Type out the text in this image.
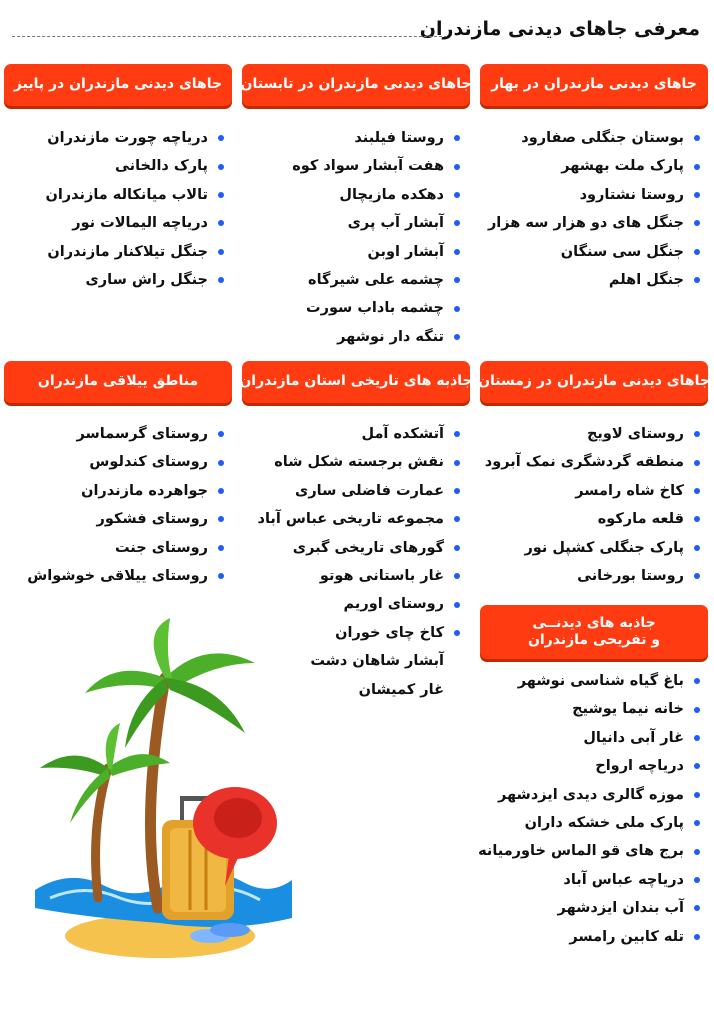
معرفی جاهای دیدنی مازندران
جاهای دیدنی مازندران در بهار
جاهای دیدنی مازندران در تابستان
جاهای دیدنی مازندران در پاییز
بوستان جنگلی صفارود
پارک ملت بهشهر
روستا نشتارود
جنگل های دو هزار سه هزار
جنگل سی سنگان
جنگل اهلم
روستا فیلبند
هفت آبشار سواد کوه
دهکده مازیچال
آبشار آب پری
آبشار اوبن
چشمه علی شیرگاه
چشمه باداب سورت
تنگه دار نوشهر
دریاچه چورت مازندران
پارک دالخانی
تالاب میانکاله مازندران
دریاچه الیمالات نور
جنگل تیلاکنار مازندران
جنگل راش ساری
جاهای دیدنی مازندران در زمستان
جاذبه های تاریخی استان مازندران
مناطق ییلاقی مازندران
روستای لاویج
منطقه گردشگری نمک آبرود
کاخ شاه رامسر
قلعه مارکوه
پارک جنگلی کشپل نور
روستا بورخانی
آتشکده آمل
نقش برجسته شکل شاه
عمارت فاضلی ساری
مجموعه تاریخی عباس آباد
گورهای تاریخی گبری
غار باستانی هوتو
روستای اوریم
کاخ چای خوران
آبشار شاهان دشت
غار کمیشان
روستای گرسماسر
روستای کندلوس
جواهرده مازندران
روستای فشکور
روستای جنت
روستای ییلاقی خوشواش
جاذبه های دیدنــی
و تفریحی مازندران
باغ گیاه شناسی نوشهر
خانه نیما یوشیج
غار آبی دانیال
دریاچه ارواح
موزه گالری دیدی ایزدشهر
پارک ملی خشکه داران
برج های قو الماس خاورمیانه
دریاچه عباس آباد
آب بندان ایزدشهر
تله کابین رامسر
